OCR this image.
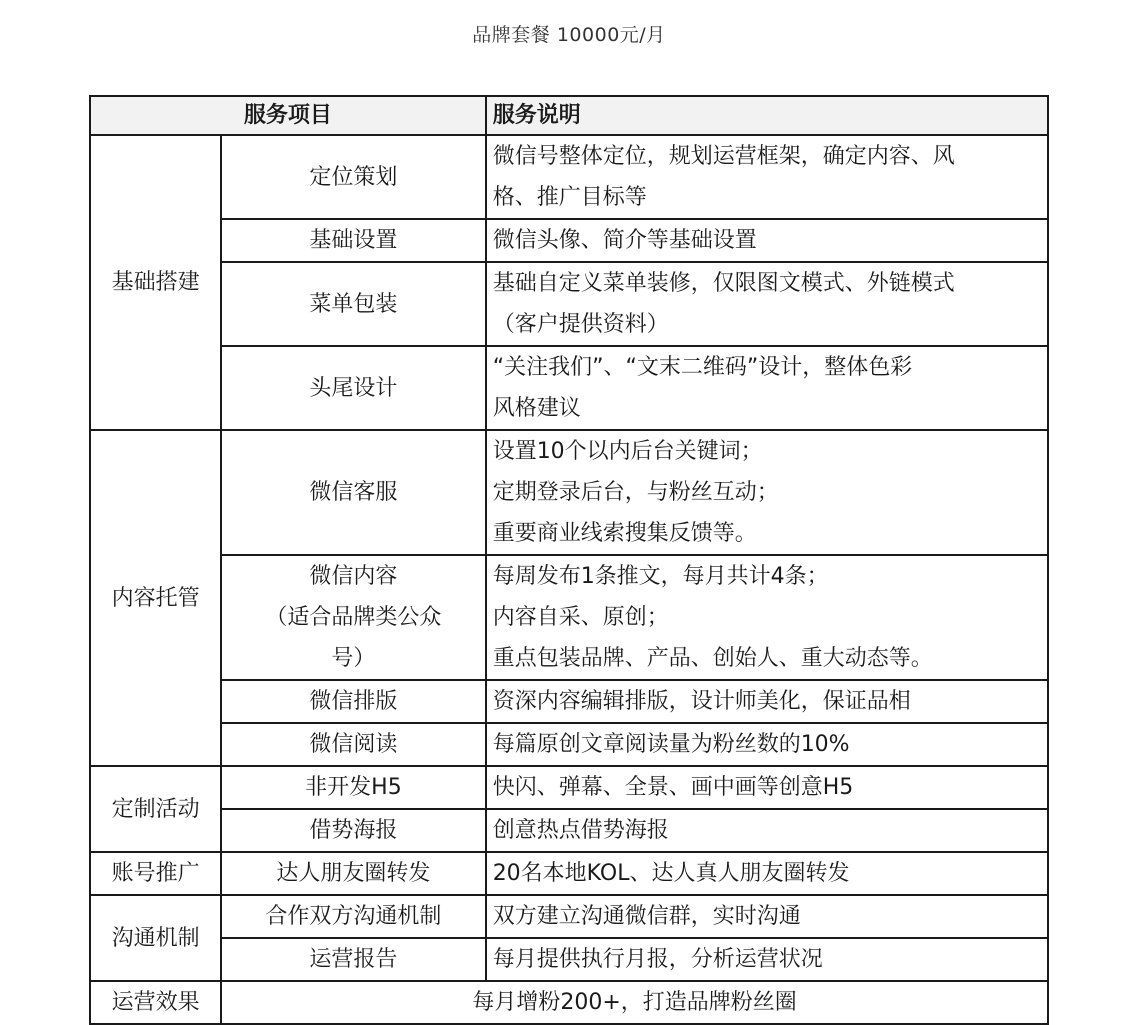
品牌套餐 10000元/月
服务项目		服务说明
基础搭建	定位策划	微信号整体定位，规划运营框架，确定内容、风
格、推广目标等

	基础设置	微信头像、简介等基础设置
	菜单包装	基础自定义菜单装修，仅限图文模式、外链模式
（客户提供资料）

	头尾设计	“关注我们”、“文末二维码”设计，整体色彩
风格建议

内容托管	微信客服	设置10个以内后台关键词；
定期登录后台，与粉丝互动；
重要商业线索搜集反馈等。

	微信内容
（适合品牌类公众
号）	每周发布1条推文，每月共计4条；
内容自采、原创；
重点包装品牌、产品、创始人、重大动态等。

	微信排版	资深内容编辑排版，设计师美化，保证品相
	微信阅读	每篇原创文章阅读量为粉丝数的10%
定制活动	非开发H5	快闪、弹幕、全景、画中画等创意H5
	借势海报	创意热点借势海报
账号推广	达人朋友圈转发	20名本地KOL、达人真人朋友圈转发
沟通机制	合作双方沟通机制	双方建立沟通微信群，实时沟通
	运营报告	每月提供执行月报，分析运营状况
运营效果	每月增粉200+，打造品牌粉丝圈	
